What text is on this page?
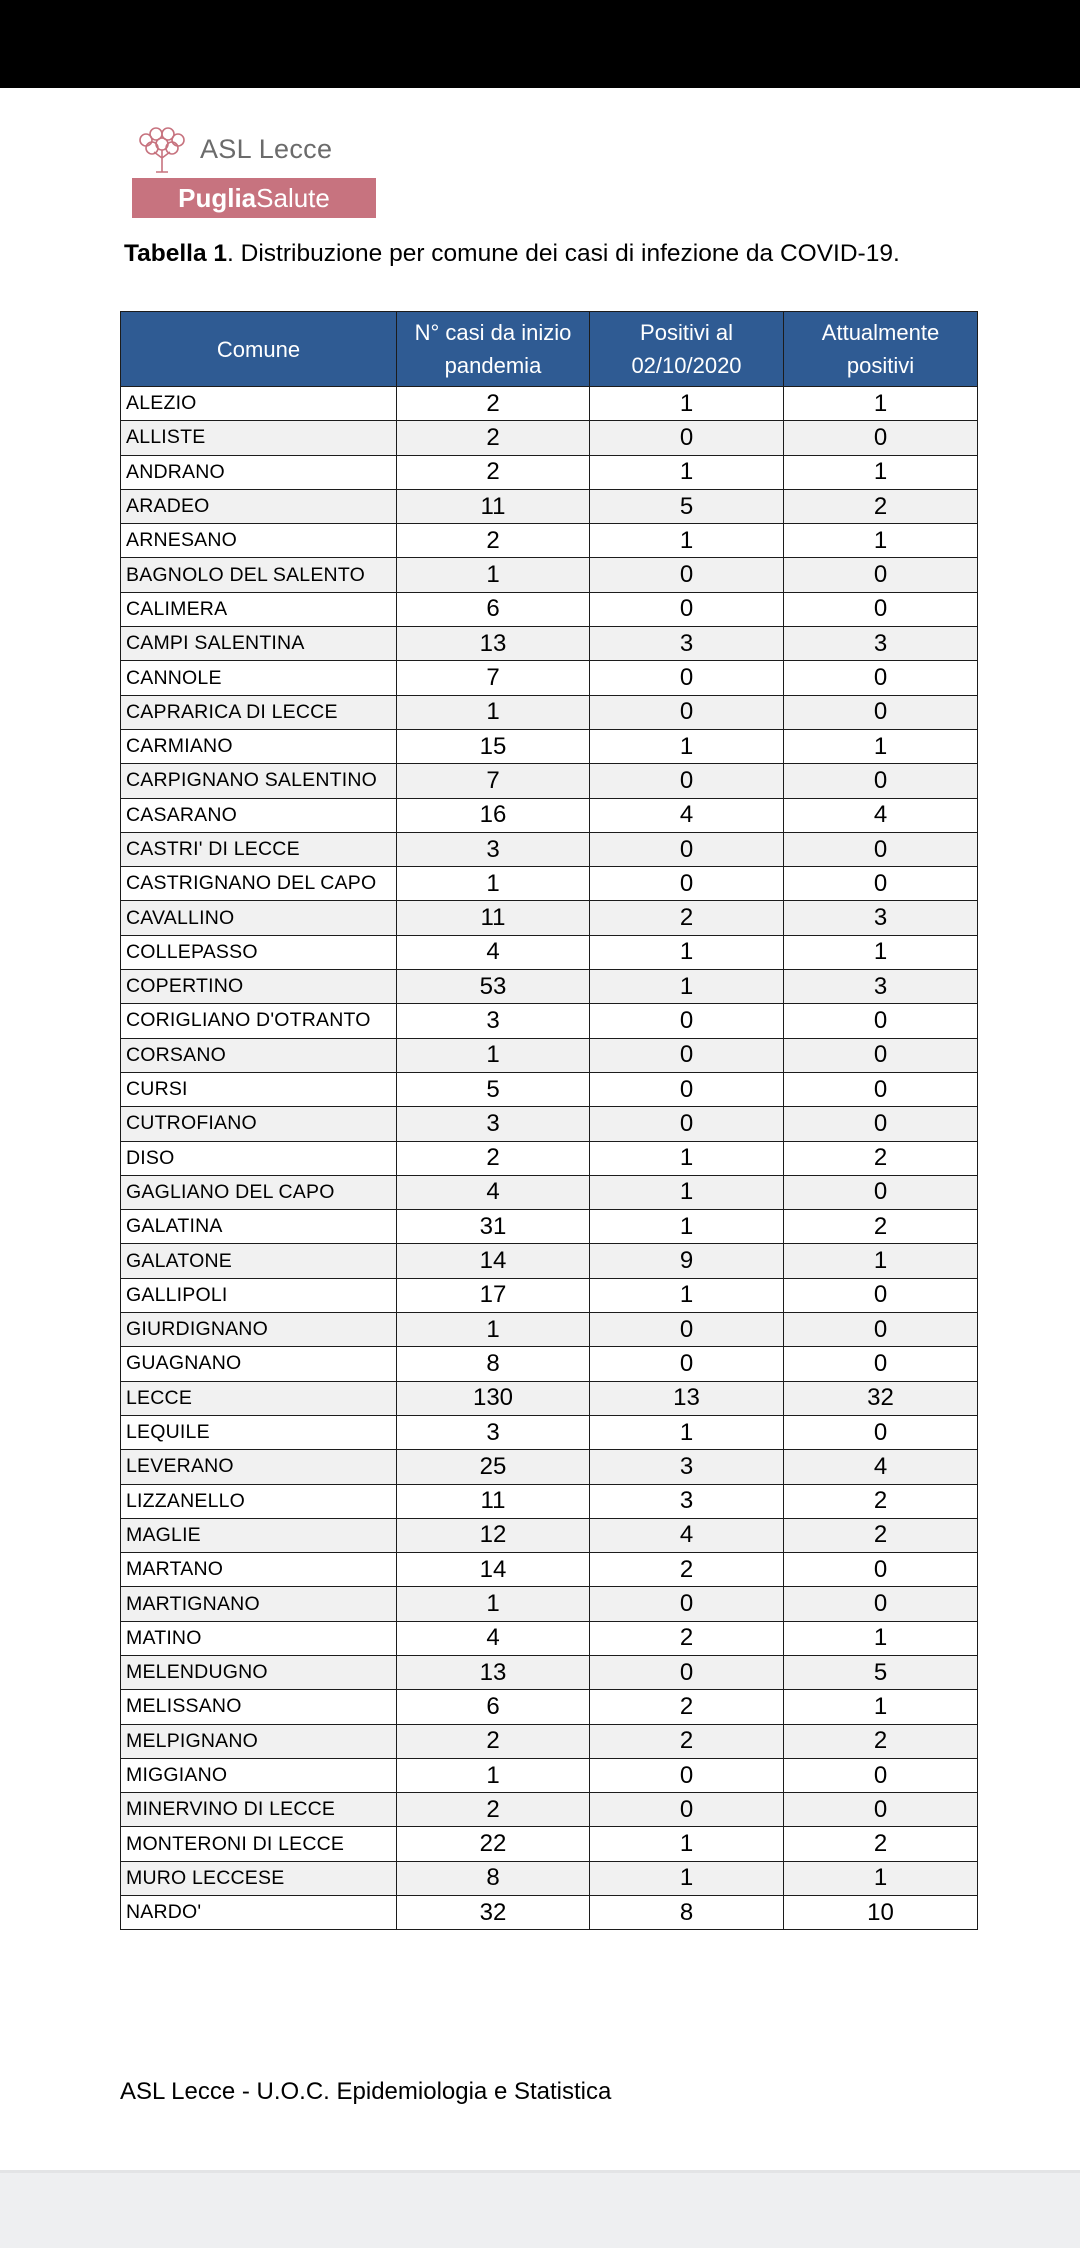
ASL Lecce
PugliaSalute
Tabella 1. Distribuzione per comune dei casi di infezione da COVID-19.
Comune	N° casi da inizio pandemia	Positivi al 02/10/2020	Attualmente positivi
ALEZIO	2	1	1
ALLISTE	2	0	0
ANDRANO	2	1	1
ARADEO	11	5	2
ARNESANO	2	1	1
BAGNOLO DEL SALENTO	1	0	0
CALIMERA	6	0	0
CAMPI SALENTINA	13	3	3
CANNOLE	7	0	0
CAPRARICA DI LECCE	1	0	0
CARMIANO	15	1	1
CARPIGNANO SALENTINO	7	0	0
CASARANO	16	4	4
CASTRI' DI LECCE	3	0	0
CASTRIGNANO DEL CAPO	1	0	0
CAVALLINO	11	2	3
COLLEPASSO	4	1	1
COPERTINO	53	1	3
CORIGLIANO D'OTRANTO	3	0	0
CORSANO	1	0	0
CURSI	5	0	0
CUTROFIANO	3	0	0
DISO	2	1	2
GAGLIANO DEL CAPO	4	1	0
GALATINA	31	1	2
GALATONE	14	9	1
GALLIPOLI	17	1	0
GIURDIGNANO	1	0	0
GUAGNANO	8	0	0
LECCE	130	13	32
LEQUILE	3	1	0
LEVERANO	25	3	4
LIZZANELLO	11	3	2
MAGLIE	12	4	2
MARTANO	14	2	0
MARTIGNANO	1	0	0
MATINO	4	2	1
MELENDUGNO	13	0	5
MELISSANO	6	2	1
MELPIGNANO	2	2	2
MIGGIANO	1	0	0
MINERVINO DI LECCE	2	0	0
MONTERONI DI LECCE	22	1	2
MURO LECCESE	8	1	1
NARDO'	32	8	10
ASL Lecce - U.O.C. Epidemiologia e Statistica
